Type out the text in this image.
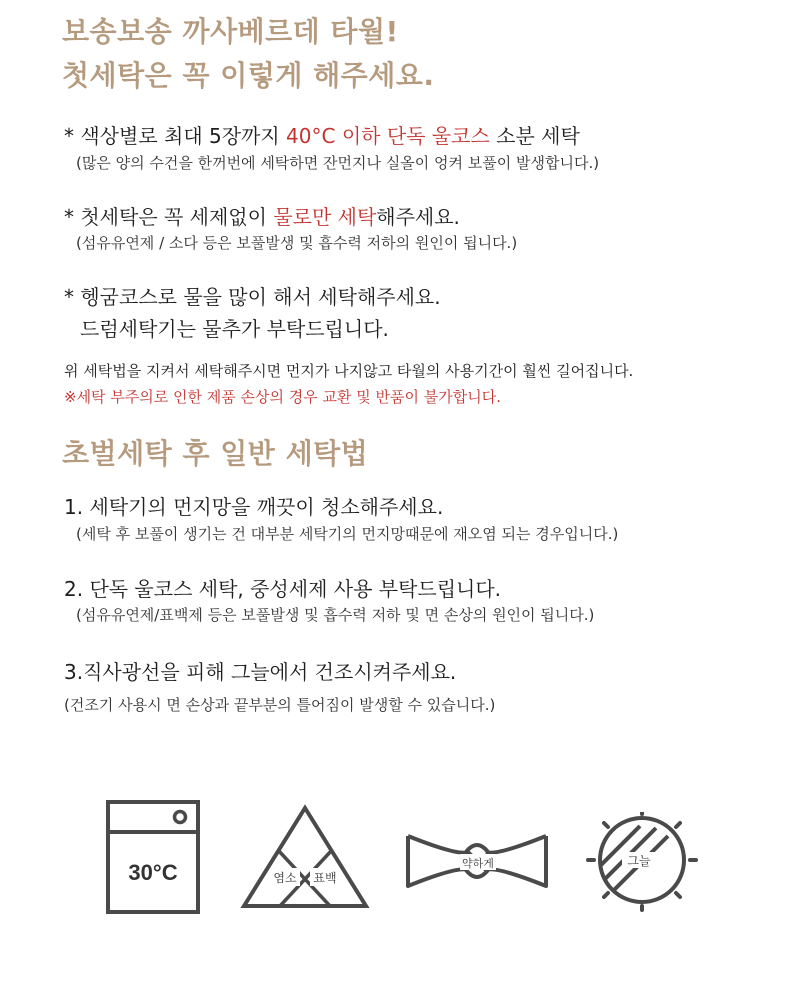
보송보송 까사베르데 타월!
첫세탁은 꼭 이렇게 해주세요.
* 색상별로 최대 5장까지 40°C 이하 단독 울코스 소분 세탁
(많은 양의 수건을 한꺼번에 세탁하면 잔먼지나 실올이 엉켜 보풀이 발생합니다.)
* 첫세탁은 꼭 세제없이 물로만 세탁해주세요.
(섬유유연제 / 소다 등은 보풀발생 및 흡수력 저하의 원인이 됩니다.)
* 헹굼코스로 물을 많이 해서 세탁해주세요.
드럼세탁기는 물추가 부탁드립니다.
위 세탁법을 지켜서 세탁해주시면 먼지가 나지않고 타월의 사용기간이 훨씬 길어집니다.
※세탁 부주의로 인한 제품 손상의 경우 교환 및 반품이 불가합니다.
초벌세탁 후 일반 세탁법
1. 세탁기의 먼지망을 깨끗이 청소해주세요.
(세탁 후 보풀이 생기는 건 대부분 세탁기의 먼지망때문에 재오염 되는 경우입니다.)
2. 단독 울코스 세탁, 중성세제 사용 부탁드립니다.
(섬유유연제/표백제 등은 보풀발생 및 흡수력 저하 및 면 손상의 원인이 됩니다.)
3.직사광선을 피해 그늘에서 건조시켜주세요.
(건조기 사용시 면 손상과 끝부분의 틀어짐이 발생할 수 있습니다.)
30°C	염소 표백
약하게	그늘
